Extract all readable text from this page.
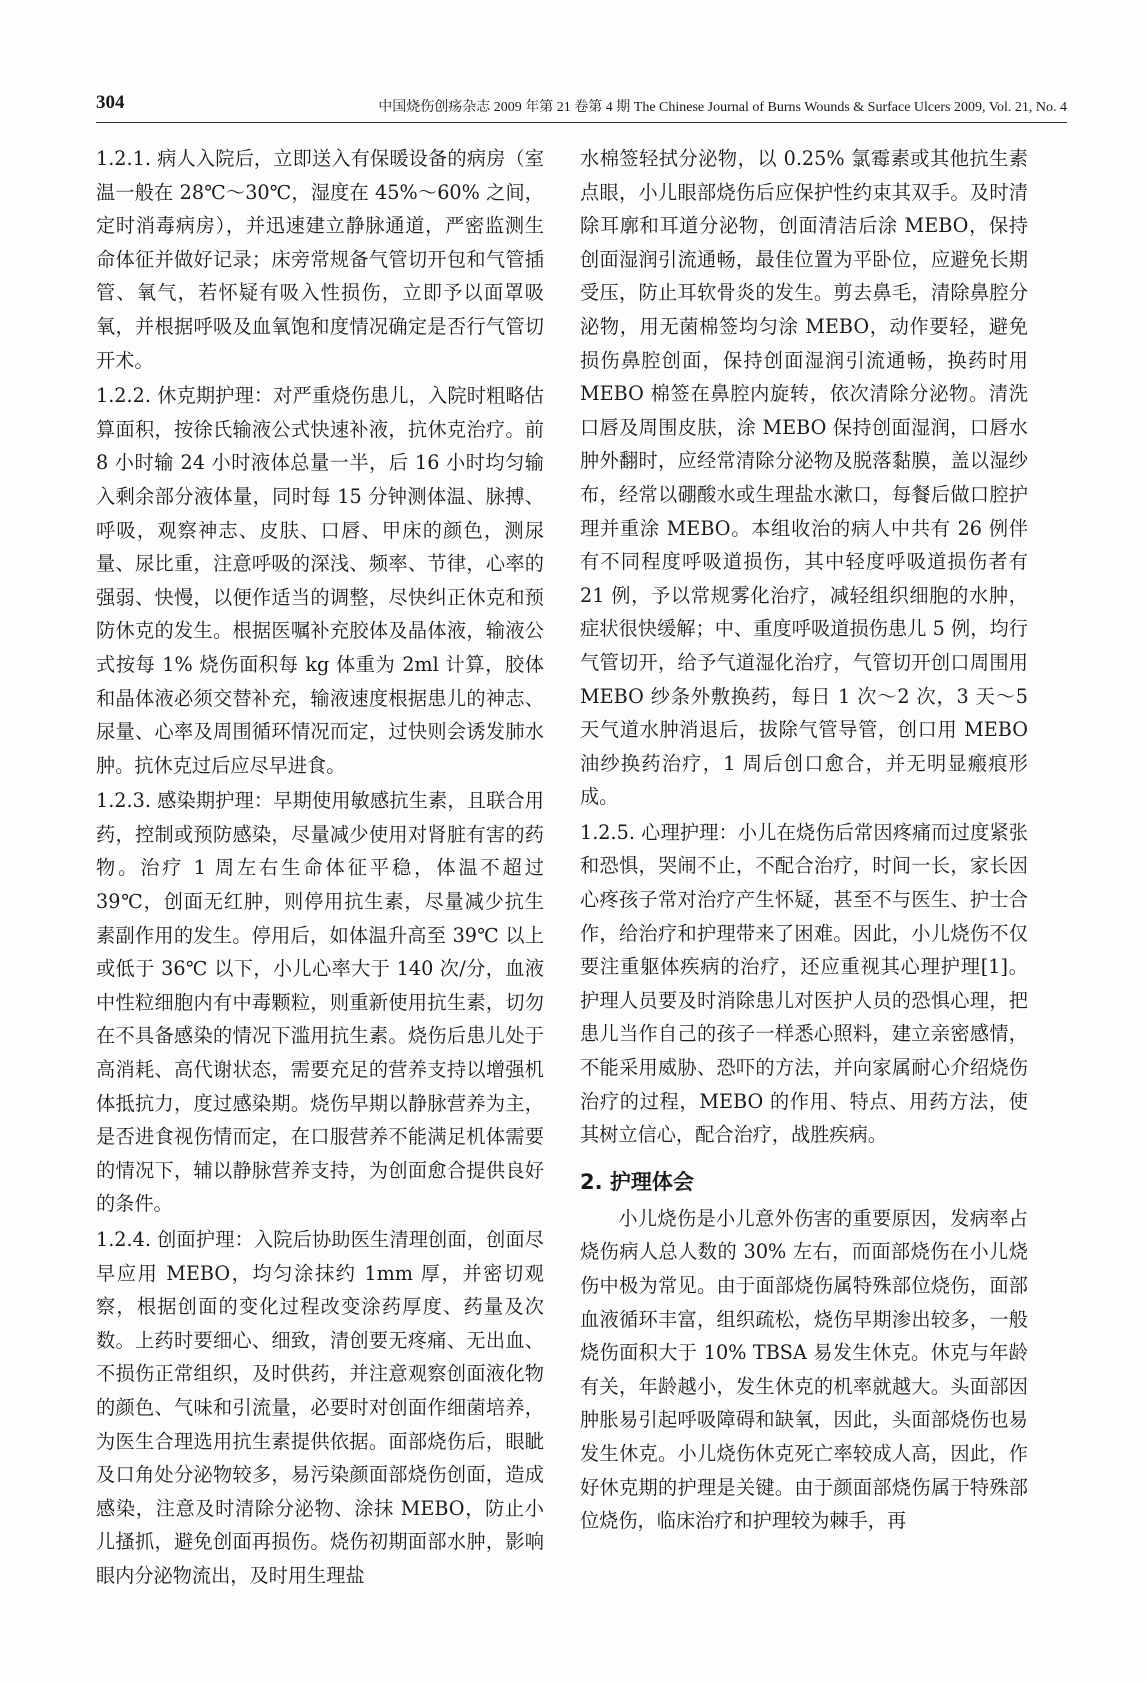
304	中国烧伤创疡杂志 2009 年第 21 卷第 4 期 The Chinese Journal of Burns Wounds & Surface Ulcers 2009, Vol. 21, No. 4

1.2.1. 病人入院后，立即送入有保暖设备的病房（室温一般在 28℃～30℃，湿度在 45%～60% 之间，定时消毒病房），并迅速建立静脉通道，严密监测生命体征并做好记录；床旁常规备气管切开包和气管插管、氧气，若怀疑有吸入性损伤，立即予以面罩吸氧，并根据呼吸及血氧饱和度情况确定是否行气管切开术。

1.2.2. 休克期护理：对严重烧伤患儿，入院时粗略估算面积，按徐氏输液公式快速补液，抗休克治疗。前 8 小时输 24 小时液体总量一半，后 16 小时均匀输入剩余部分液体量，同时每 15 分钟测体温、脉搏、呼吸，观察神志、皮肤、口唇、甲床的颜色，测尿量、尿比重，注意呼吸的深浅、频率、节律，心率的强弱、快慢，以便作适当的调整，尽快纠正休克和预防休克的发生。根据医嘱补充胶体及晶体液，输液公式按每 1% 烧伤面积每 kg 体重为 2ml 计算，胶体和晶体液必须交替补充，输液速度根据患儿的神志、尿量、心率及周围循环情况而定，过快则会诱发肺水肿。抗休克过后应尽早进食。

1.2.3. 感染期护理：早期使用敏感抗生素，且联合用药，控制或预防感染，尽量减少使用对肾脏有害的药物。治疗 1 周左右生命体征平稳，体温不超过 39℃，创面无红肿，则停用抗生素，尽量减少抗生素副作用的发生。停用后，如体温升高至 39℃ 以上或低于 36℃ 以下，小儿心率大于 140 次/分，血液中性粒细胞内有中毒颗粒，则重新使用抗生素，切勿在不具备感染的情况下滥用抗生素。烧伤后患儿处于高消耗、高代谢状态，需要充足的营养支持以增强机体抵抗力，度过感染期。烧伤早期以静脉营养为主，是否进食视伤情而定，在口服营养不能满足机体需要的情况下，辅以静脉营养支持，为创面愈合提供良好的条件。

1.2.4. 创面护理：入院后协助医生清理创面，创面尽早应用 MEBO，均匀涂抹约 1mm 厚，并密切观察，根据创面的变化过程改变涂药厚度、药量及次数。上药时要细心、细致，清创要无疼痛、无出血、不损伤正常组织，及时供药，并注意观察创面液化物的颜色、气味和引流量，必要时对创面作细菌培养，为医生合理选用抗生素提供依据。面部烧伤后，眼眦及口角处分泌物较多，易污染颜面部烧伤创面，造成感染，注意及时清除分泌物、涂抹 MEBO，防止小儿搔抓，避免创面再损伤。烧伤初期面部水肿，影响眼内分泌物流出，及时用生理盐

水棉签轻拭分泌物，以 0.25% 氯霉素或其他抗生素点眼，小儿眼部烧伤后应保护性约束其双手。及时清除耳廓和耳道分泌物，创面清洁后涂 MEBO，保持创面湿润引流通畅，最佳位置为平卧位，应避免长期受压，防止耳软骨炎的发生。剪去鼻毛，清除鼻腔分泌物，用无菌棉签均匀涂 MEBO，动作要轻，避免损伤鼻腔创面，保持创面湿润引流通畅，换药时用 MEBO 棉签在鼻腔内旋转，依次清除分泌物。清洗口唇及周围皮肤，涂 MEBO 保持创面湿润，口唇水肿外翻时，应经常清除分泌物及脱落黏膜，盖以湿纱布，经常以硼酸水或生理盐水漱口，每餐后做口腔护理并重涂 MEBO。本组收治的病人中共有 26 例伴有不同程度呼吸道损伤，其中轻度呼吸道损伤者有 21 例，予以常规雾化治疗，减轻组织细胞的水肿，症状很快缓解；中、重度呼吸道损伤患儿 5 例，均行气管切开，给予气道湿化治疗，气管切开创口周围用 MEBO 纱条外敷换药，每日 1 次～2 次，3 天～5 天气道水肿消退后，拔除气管导管，创口用 MEBO 油纱换药治疗，1 周后创口愈合，并无明显瘢痕形成。

1.2.5. 心理护理：小儿在烧伤后常因疼痛而过度紧张和恐惧，哭闹不止，不配合治疗，时间一长，家长因心疼孩子常对治疗产生怀疑，甚至不与医生、护士合作，给治疗和护理带来了困难。因此，小儿烧伤不仅要注重躯体疾病的治疗，还应重视其心理护理[1]。护理人员要及时消除患儿对医护人员的恐惧心理，把患儿当作自己的孩子一样悉心照料，建立亲密感情，不能采用威胁、恐吓的方法，并向家属耐心介绍烧伤治疗的过程，MEBO 的作用、特点、用药方法，使其树立信心，配合治疗，战胜疾病。

2. 护理体会

小儿烧伤是小儿意外伤害的重要原因，发病率占烧伤病人总人数的 30% 左右，而面部烧伤在小儿烧伤中极为常见。由于面部烧伤属特殊部位烧伤，面部血液循环丰富，组织疏松，烧伤早期渗出较多，一般烧伤面积大于 10% TBSA 易发生休克。休克与年龄有关，年龄越小，发生休克的机率就越大。头面部因肿胀易引起呼吸障碍和缺氧，因此，头面部烧伤也易发生休克。小儿烧伤休克死亡率较成人高，因此，作好休克期的护理是关键。由于颜面部烧伤属于特殊部位烧伤，临床治疗和护理较为棘手，再
